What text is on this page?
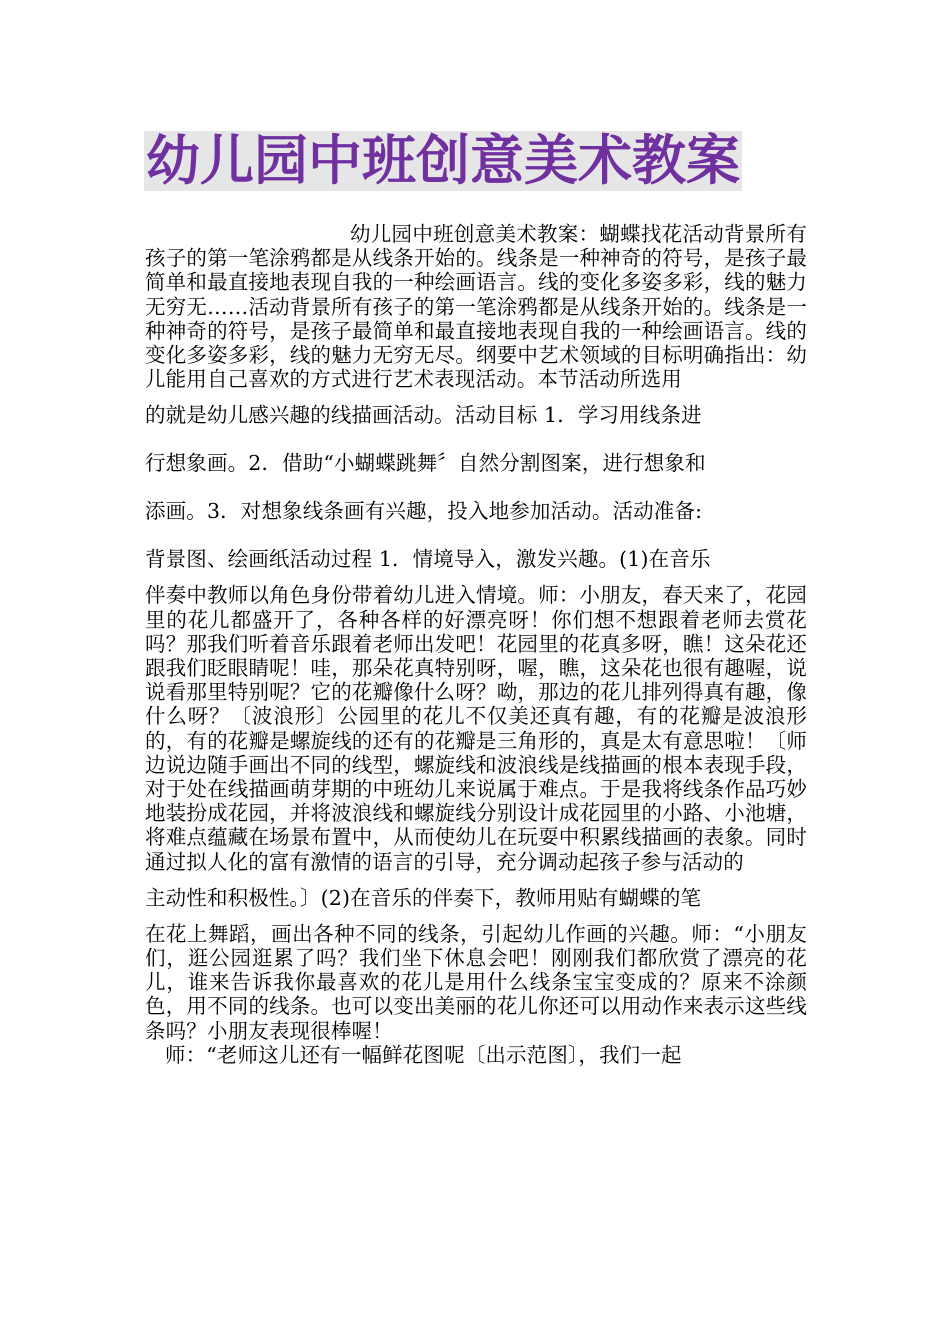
幼儿园中班创意美术教案

幼儿园中班创意美术教案：蝴蝶找花活动背景所有孩子的第一笔涂鸦都是从线条开始的。线条是一种神奇的符号，是孩子最简单和最直接地表现自我的一种绘画语言。线的变化多姿多彩，线的魅力无穷无……活动背景所有孩子的第一笔涂鸦都是从线条开始的。线条是一种神奇的符号，是孩子最简单和最直接地表现自我的一种绘画语言。线的变化多姿多彩，线的魅力无穷无尽。纲要中艺术领域的目标明确指出：幼儿能用自己喜欢的方式进行艺术表现活动。本节活动所选用

的就是幼儿感兴趣的线描画活动。活动目标 1．学习用线条进
行想象画。2．借助“小蝴蝶跳舞〞自然分割图案，进行想象和
添画。3．对想象线条画有兴趣，投入地参加活动。活动准备:
背景图、绘画纸活动过程 1．情境导入，激发兴趣。(1)在音乐

伴奏中教师以角色身份带着幼儿进入情境。师：小朋友，春天来了，花园里的花儿都盛开了，各种各样的好漂亮呀！你们想不想跟着老师去赏花吗？那我们听着音乐跟着老师出发吧！花园里的花真多呀，瞧！这朵花还跟我们眨眼睛呢！哇，那朵花真特别呀，喔，瞧，这朵花也很有趣喔，说说看那里特别呢？它的花瓣像什么呀？呦，那边的花儿排列得真有趣，像什么呀？〔波浪形〕公园里的花儿不仅美还真有趣，有的花瓣是波浪形的，有的花瓣是螺旋线的还有的花瓣是三角形的，真是太有意思啦！〔师边说边随手画出不同的线型，螺旋线和波浪线是线描画的根本表现手段，对于处在线描画萌芽期的中班幼儿来说属于难点。于是我将线条作品巧妙地装扮成花园，并将波浪线和螺旋线分别设计成花园里的小路、小池塘，将难点蕴藏在场景布置中，从而使幼儿在玩耍中积累线描画的表象。同时通过拟人化的富有激情的语言的引导，充分调动起孩子参与活动的

主动性和积极性。〕(2)在音乐的伴奏下，教师用贴有蝴蝶的笔

在花上舞蹈，画出各种不同的线条，引起幼儿作画的兴趣。师：“小朋友们，逛公园逛累了吗？我们坐下休息会吧！刚刚我们都欣赏了漂亮的花儿，谁来告诉我你最喜欢的花儿是用什么线条宝宝变成的？原来不涂颜色，用不同的线条。也可以变出美丽的花儿你还可以用动作来表示这些线条吗？小朋友表现很棒喔！

师：“老师这儿还有一幅鲜花图呢〔出示范图〕，我们一起
